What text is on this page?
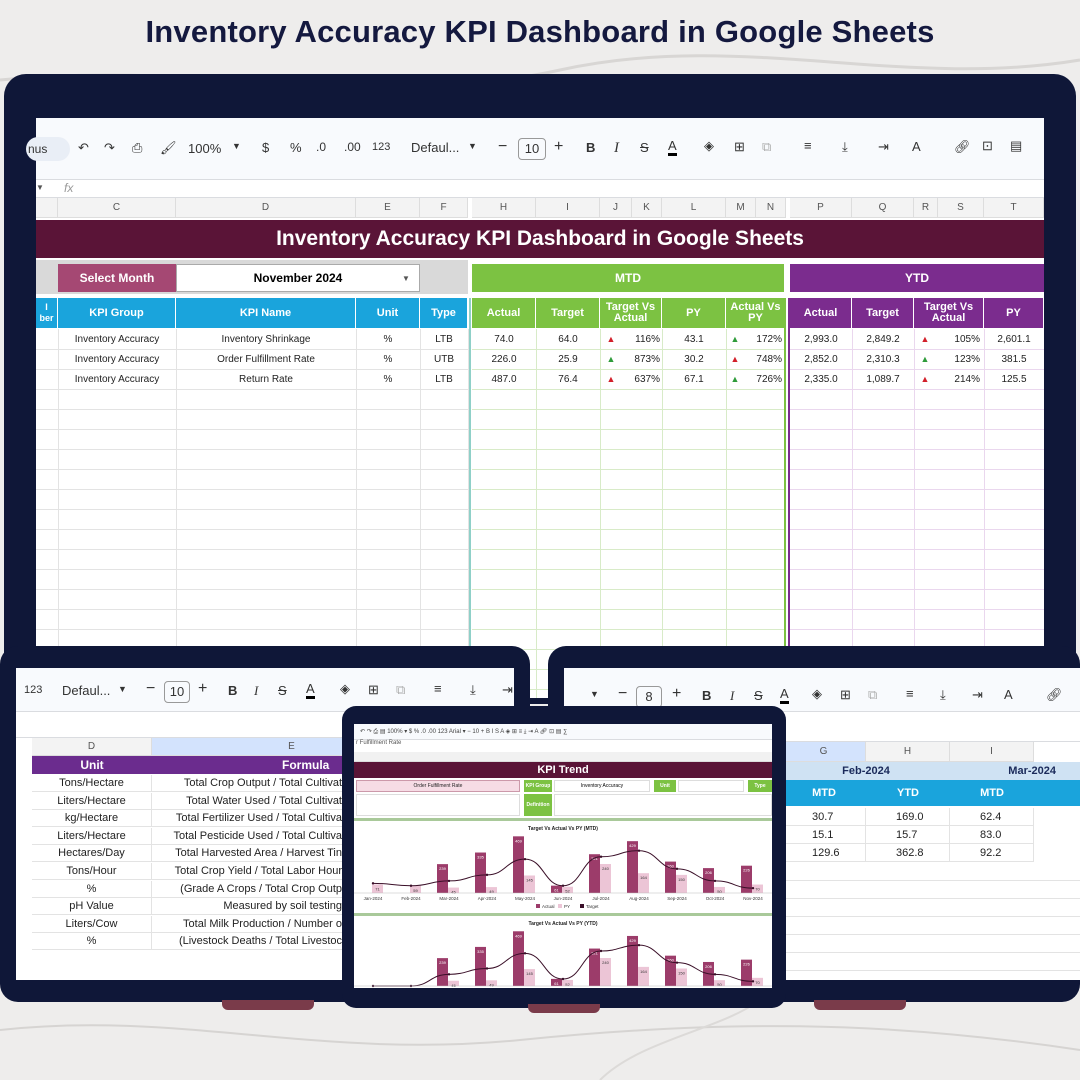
Inventory Accuracy KPI Dashboard in Google Sheets
nus	↶ ↷ ⎙ 🖌︎ 100% ▼ $ % .0 .00 123 Defaul... ▼ −	10 + B I S A ◈ ⊞ ⧉	≡ ⤓ ⇥ A	🔗︎ ⊡ ▤
▼ fx
C	D	E	F	H	I	J	K	L	M	N	P	Q	R	S	T
Inventory Accuracy KPI Dashboard in Google Sheets
Select Month	November 2024	▼	MTD	YTD
I
ber	KPI Group	KPI Name	Unit	Type	Actual	Target	Target Vs Actual	PY	Actual Vs PY	Actual	Target	Target Vs Actual	PY
Inventory Accuracy	Inventory Shrinkage	%	LTB	74.0	64.0	▲	116%	43.1	▲	172%	2,993.0	2,849.2	▲	105%	2,601.1
Inventory Accuracy	Order Fulfillment Rate	%	UTB	226.0	25.9	▲	873%	30.2	▲	748%	2,852.0	2,310.3	▲	123%	381.5
Inventory Accuracy	Return Rate	%	LTB	487.0	76.4	▲	637%	67.1	▲	726%	2,335.0	1,089.7	▲	214%	125.5
123 Defaul... ▼ −	10 + B I S A ◈ ⊞ ⧉ ≡ ⤓ ⇥
D	E
Unit	Formula
Tons/Hectare	Total Crop Output / Total Cultivat
Liters/Hectare	Total Water Used / Total Cultivat
kg/Hectare	Total Fertilizer Used / Total Cultiva
Liters/Hectare	Total Pesticide Used / Total Cultiva
Hectares/Day	Total Harvested Area / Harvest Tin
Tons/Hour	Total Crop Yield / Total Labor Hour
%	(Grade A Crops / Total Crop Outp
pH Value	Measured by soil testing
Liters/Cow	Total Milk Production / Number o
%	(Livestock Deaths / Total Livestoc
▼ −	8	+ B I S A ◈ ⊞ ⧉ ≡ ⤓ ⇥ A	🔗︎
G	H	I
Feb-2024	Mar-2024
MTD	YTD	MTD
30.7	169.0	62.4
15.1	15.7	83.0
129.6	362.8	92.2
↶ ↷ ⎙ ▤ 100% ▾ $ % .0 .00 123 Arial ▾ − 10 + B I S A ◈ ⊞ ≡ ⤓ ⇥ A 🔗︎ ⊡ ▤ ∑
r Fulfillment Rate
KPI Trend
Order Fulfillment Rate	KPI Group	Inventory Accuracy	Unit	Type
Definition
Target Vs Actual Vs PY (MTD)
71
Jan-2024
59
Feb-2024
239
45
Mar-2024
335
49
Apr-2024
469
145
May-2024
61 52
Jun-2024
321
240
Jul-2024
429
164
Aug-2024
260
150
Sep-2024
206
50
Oct-2024
226
70
Nov-2024
Actual PY	Target
Target Vs Actual Vs PY (YTD)
239
45
335
49
469
145
61 52
321
240
429
164
260
150
206
50
226
70
